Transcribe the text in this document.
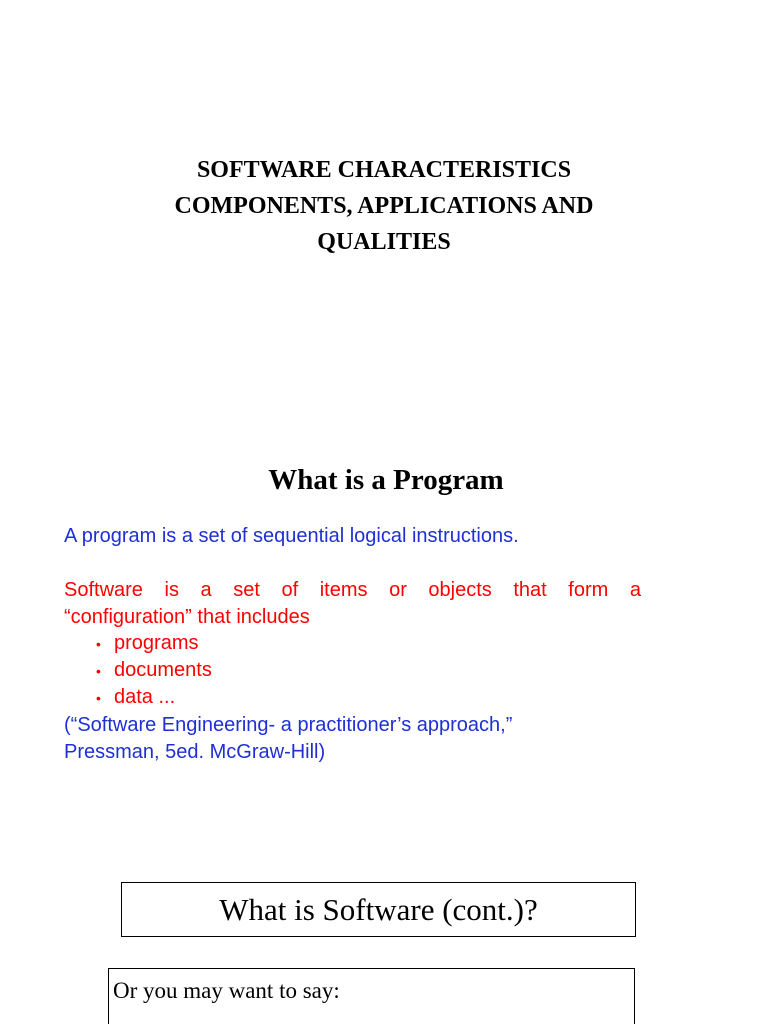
SOFTWARE CHARACTERISTICS
COMPONENTS, APPLICATIONS AND
QUALITIES
What is a Program

A program is a set of sequential logical instructions.

Software is a set of items or objects that form a
“configuration” that includes

• programs
• documents
• data ...

(“Software Engineering- a practitioner’s approach,”
Pressman, 5ed. McGraw-Hill)

What is Software (cont.)?
Or you may want to say:
